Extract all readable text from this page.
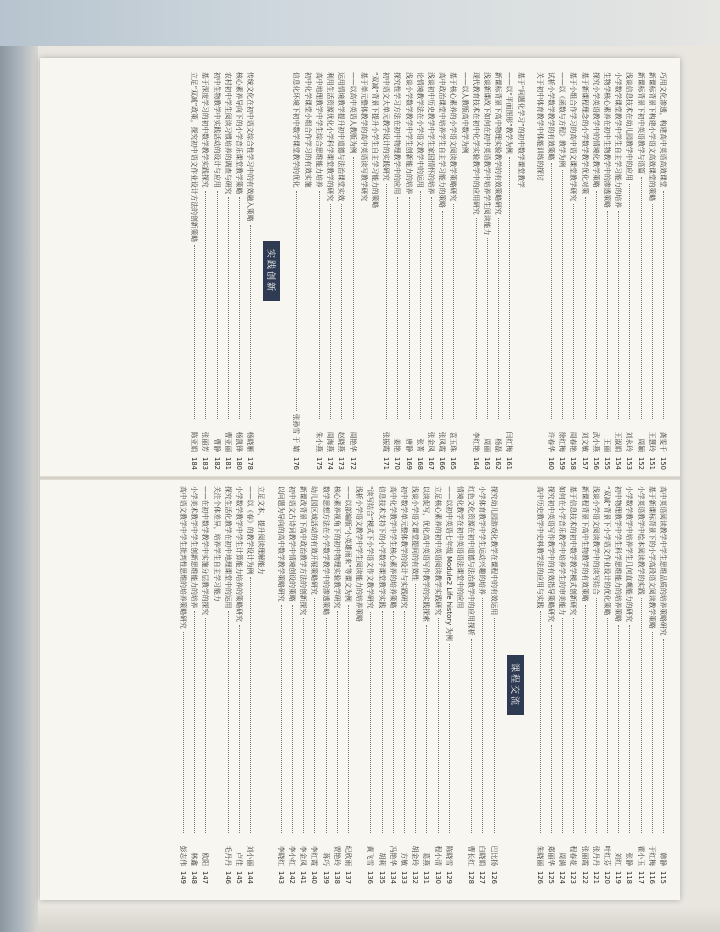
巧用文化渗透，构建高中英语高效课堂
龚雯千
150
新课标背景下构建小学语文高效课堂的策略
王慧玲
151
新课标背景下初中英语教学与语篇
周颖
152
浅谈信息技术在幼儿园教学中的应用
刘永玲
153
小学数学课堂教学中学生自主学习能力的培养
王淑娟
154
生物学核心素养在初中生物教学中的渗透策略
王丽
155
探究小学英语教学中的情境化教学策略
武小燕
156
基于新课程理念的小学数学教学优化对策
刘文敏
157
基于小组合作学习的高中语文课堂教学研究
周春艳
158
——以《函数与方程》教学为例
徐红梅
159
试析小学数学教学的有效策略
许春华
160
关于初中体育教学中体能训练的探讨
基于“问题化学习”的初中数学课堂教学
——以“平面图形”教学为例
闫红梅
161
新课标背景下高中物理实验教学的有效策略研究
杨磊
162
浅谈新课改下如何在初中英语教学中培养学生阅读能力
周丽
163
现代教育技术在初中化学实验教学中的应用研究
李红艳
164
——以人教版高中数学为例
基于核心素养的小学语文阅读教学策略研究
袁玉珠
165
高中政治课堂中培养学生自主学习能力的策略
张凤霞
166
浅谈初中历史教学中学生家国情怀的培养
张金凤
167
论情境教学法在小学语文教学中的运用
张菁
168
浅谈小学数学教学中学生创新能力的培养
唐静
169
探究性学习方法在初中物理教学中的应用
姜艳
170
初中语文大单元教学设计的实践研究
张振霞
171
“双减”背景下提升小学生自主学习能力的策略
基于单元整体教学的高中英语读写教学研究
——以高中英语人教版为例
周艳华
172
运用情境教学提升初中道德与法治课堂实效
赵晓燕
173
利用生活资源优化小学科学课堂教学的研究
周海燕
174
高中地理教学中学生综合思维能力培养
朱小燕
175
初中化学课堂小组合作学习的有效实施
信息化环境下初中数学课堂教学的优化
张孙雪 于 婧
176
实践创新
传统文化在初中语文综合性学习中的有效融入策略
杨晓雁
178
核心素养导向下的小学音乐课堂教学策略
杨凯锋
180
农村初中学生阅读习惯培养的调查与研究
曹亚丽
181
初中生物教学中实践活动的设计与应用
曹静
182
基于深度学习的初中数学教学实践探究
张丽芳
183
立足“双减”政策，探究初中语文作业设计方法的创新策略
陈亚娟
184
高中英语阅读教学中学生思维品质的培养策略研究
韩静
115
基于新课标背景下的小学高段语文阅读教学策略
于红梅
116
小学英语教学中绘本阅读教学的实践
霍小玉
117
小学数学教学中培养学生几何直观能力的研究
张静
118
初中物理教学中学生科学思维能力的培养策略
刘红
119
“双减”背景下小学语文作业设计的优化策略
叶红芬
120
浅谈小学语文阅读教学中的读写结合
张丹丹
121
新课程背景下高中生物教学的有效策略
张丽霞
122
基于信息技术的初中数学教学模式创新研究
程春花
123
如何在小学音乐教学中培养学生的审美能力
周满
124
探究初中英语写作教学中的有效指导策略研究
郑丽华
125
高中历史教学中史料教学法的应用与实践
朱晓丽
126
课程交流
探究幼儿园游戏化教学在课程中的有效运用
巴比扬
126
小学体育教学中学生运动兴趣的培养
白晓娟
127
红色文化资源在初中道德与法治教学中的应用探析
曹长红
128
情境化教学在初中英语语法课堂中的应用
——以初中英语七年级 Module2 Life history 为例
陈晓雪
129
立足核心素养的初中英语阅读教学实践研究
程小清
130
以读促写，优化高中英语写作教学的实践探索
葛燕
131
浅谈小学语文课堂提问的有效性
胡金玲
132
初中数学单元整体教学的设计与实践研究
方敏
133
高中化学教学中学生核心素养的培养策略
冯艳华
134
信息技术支持下的小学数学课堂教学实践
胡莉
135
“读写结合”模式下小学语文作文教学研究
黄飞雪
136
浅析小学语文教学中学生阅读能力的培养策略
——以部编版“小英雄雨来”等课文为例
纪欣雨
137
核心素养视角下的初中物理实验教学研究
贾艳玲
138
数学思想方法在小学数学教学中的渗透策略
蒋巧
139
幼儿园区域活动的有效开展策略研究
李红霞
140
新课改背景下高中政治教学方法的创新探究
李金凤
141
初中语文古诗词教学中情境创设的策略
李小红
142
以问题为导向的高中数学教学策略研究
李晓红
143
立足文本，提升阅读理解能力
——以《春》的教学设计为例
刘小丽
144
小学数学教学中学生计算能力培养的策略研究
卢佳
145
探究生活化教学在初中地理课堂中的运用
毛丹丹
146
关注个体差异，培养学生自主学习能力
——在初中数学教学中实施分层教学的探究
欧阳
147
小学美术教学中学生创新思维能力的培养
林鑫
148
高中语文教学中学生批判性思维的培养策略研究
彭志伟
149
